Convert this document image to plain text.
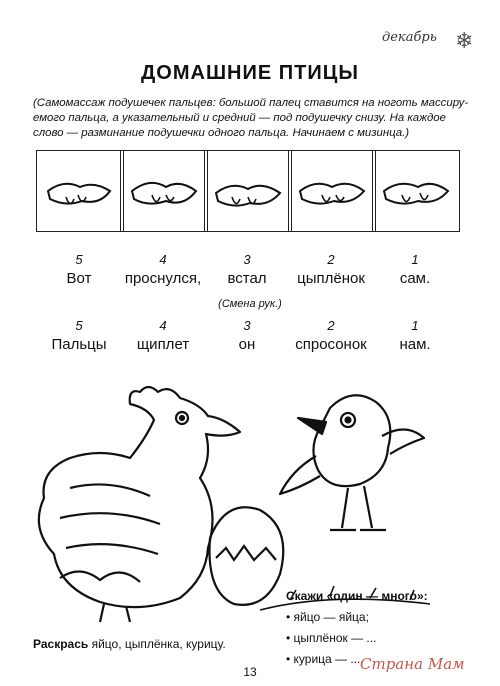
декабрь ❄
ДОМАШНИЕ ПТИЦЫ
(Самомассаж подушечек пальцев: большой палец ставится на ноготь массиру-емого пальца, а указательный и средний — под подушечку снизу. На каждое слово — разминание подушечки одного пальца. Начинаем с мизинца.)
5	4	3	2	1
Вот	проснулся,	встал	цыплёнок	сам.
(Смена рук.)
5	4	3	2	1
Пальцы	щиплет	он	спросонок	нам.
Скажи «один — много»:
• яйцо — яйца;
• цыплёнок — ...
• курица — ...
Раскрась яйцо, цыплёнка, курицу.
13	Страна Мам
